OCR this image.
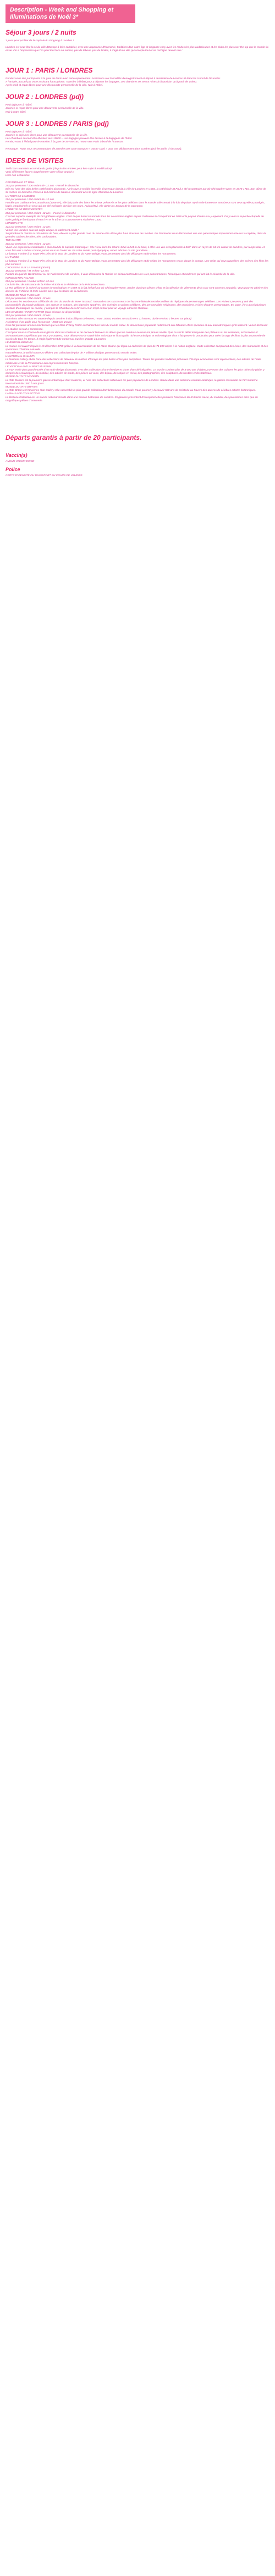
Description - Week end Shopping et
Illuminations de Noël 3*
Séjour 3 jours / 2 nuits

3 jours pour profiter de la capitale du shopping à Londres !

Londres est peut-être la seule ville d'Europe à faire cohabiter, avec une apparence d'harmonie, traditions d'un autre âge et élégance cosy avec les modes les plus audacieuses et les clubs les plus over the top que le monde lui envie. On a l'impression que l'on peut tout faire à Londres, pas de tabous, pas de limites, il s'agit d'une ville qui accepte tout et ne rechigne devant rien !

JOUR 1 : PARIS / LONDRES

Rendez-vous des participants à la gare de Paris avec notre représentant. Assistance aux formalités d'enregistrement et départ à destination de Londres St-Pancras à bord de l'Eurostar.
A l'arrivée, accueil par votre assistant francophone. Transfert à l'hôtel pour y déposer les bagages. Les chambres ne seront mises à disposition qu'à partir de 15h00.
Après-midi et repas libres pour une découverte personnelle de la ville. Nuit à l'hôtel.

JOUR 2 : LONDRES (pdj)

Petit déjeuner à l'hôtel.
Journée et repas libres pour une découverte personnelle de la ville.
Nuit à votre hôtel.

JOUR 3 : LONDRES / PARIS (pdj)

Petit déjeuner à l'hôtel.
Journée et déjeuner libres pour une découverte personnelle de la ville.
Les chambres devront être libérées vers 10h00 – Les bagages peuvent être laissés à la bagagerie de l'hôtel.
Rendez-vous à l'hôtel pour le transfert à la gare de St-Pancras, retour vers Paris à bord de l'Eurostar.

Remarque : Nous vous recommandons de prendre une carte transport « Oyster Card » pour vos déplacement dans Londres (voir les tarifs ci-dessous).

IDEES DE VISITES

Tarifs hors transferts et service du guide ( le prix des entrées peut être sujet à modification)
Voici différentes façons d'agrémenter votre séjour anglais !
Liste non exhaustive

CATHEDRALE ST PAUL
25£ par personne / 10€ enfant de -12 ans - Fermé le dimanche
Elle est l'une des plus belles cathédrales du monde. Après que le terrible incendie ait presque détruit la ville de Londres en 1666, la cathédrale St Paul a été reconstruite par Sir Christopher Wren en 1675-1710. Son dôme de 31 mètres de diamètre s'élève à 110 mètres de hauteur, dominant ainsi la ligne d'horizon de Londres.
LA TOUR DE LONDRES
29£ par personne / 12€ enfant de -12 ans
Fondée par Guillaume le Conquérant (1066-87), elle fait partie des biens les mieux préservés et les plus célèbres dans le monde. Elle servait à la fois de palais royal et de forteresse. Nombreux sont ceux qu'elle a protégés, logés, emprisonnés et ceux qui ont été exécutés derrière ses murs. Aujourd'hui, elle abrite les Joyaux de la Couronne.
L'ABBAYE DE WESTMINSTER
29£ par personne / 10€ enfant -12 ans – Fermé le dimanche
C'est un superbe exemple de l'art gothique anglais. C'est là que furent couronnés tous les souverains anglais depuis Guillaume le Conquérant en 1066 et la plupart d'entre eux y reposent. On y verra la superbe chapelle de style gothique flamboyant d'Henri VII et le trône du couronnement réalisé en 1300.
LONDON EYE
32£ par personne / 22€ enfant -12 ans
Venez voir Londres sous un angle unique et totalement inédit !
Surplombant la Tamise à 135 mètres de haut, elle est la plus grande roue du monde et le 4ème plus haut structure de Londres. En 30 minutes vous découvrirez une vue panoramique impressionnante sur la capitale, dans de grandes cabines fermées, très confortables.
THE SHARD
30£ par personne / 25€ enfant -12 ans
Vivez une expérience inoubliable à plus haut de la capitale britannique : The View from the Shard. Situé à 244 m de haut, il offre une vue exceptionnelle à 360° dans un rayon de 64 km autour de Londres, par temps clair, et vous fera voir Londres comme jamais vous ne l'aviez vu. En cette année post-olympique, venez admirer ce site grandiose...
Le bateau s'arrête à la Tower Pier près de la Tour de Londres et du Tower Bridge, vous permettant ainsi de débarquer et de visiter les monuments.
LA TAMISE
Le bateau s'arrête à la Tower Pier près de la Tour de Londres et du Tower Bridge, vous permettant ainsi de débarquer et de visiter les monuments reçus depuis le ponton. Une visite qui vous rappellera des scènes des films les plus connus !
CROISIERE SUR LA TAMISE (30min)
15£ par personne / 9£ enfant -12 ans
Partant du quai de Westminster ou de Parlement et de Londres, il vous découvrira la Tamise en découvrant toutes les vues panoramiques, historiques et modernes qui ont fait le célébrité de la ville.
KENSINGTON PALACE
25£ par personne / Gratuit enfant -12 ans
Ce fut le lieu de naissance de la Reine Victoria et la résidence de la Princesse Diana.
Le Roi William III la acheté au Comte de Nottingham en 1689 et la fait intégré par Sir Christopher Wren. Seules plusieurs pièces d'état et la collection de vêtements de la cour sont ouvertes au public. Vous pourrez admirer des œuvres du XVIIème et XIXe siècles ainsi que les toiles de la collection.
MUSEE DE MME TUSSAUD
33£ par personne / 25£ enfant -12 ans
Découvrez les nombreuses célébrités de cire du Musée de Mme Tussaud. Tussaud et ses successeurs ont façonné littéralement des milliers de répliques de personnages célèbres. Les visiteurs peuvent y voir des personnalités du monde politique, des acteurs et actrices, des légendes sportives, des écrivains et artistes célèbres, des personnalités religieuses, des musiciens, et bien d'autres personnages. En outre, il y a aussi plusieurs sections thématiques au musée, y compris la Chambre des Horreurs et un trajet en taxi pour un voyage à travers l'histoire.
LES STUDIOS HARRY POTTER (sous réserve de disponibilité)
95£ par personne / 80€ enfant -12 ans
Transferts aller et retour en navette depuis Londres inclus (départ 09 heures, retour 14h30, entrées au studio vers 11 heures, durée environ 2 heures sur place)
Assistance d'un guide pour l'excursion - 260€ par groupe
Cela fait plusieurs années maintenant que les films d'Harry Potter enchantent les fans du monde entier. Ils doivent leur popularité notamment aux fabuleux effets spéciaux et aux animatroniques qu'ils utilisent. Venez découvrir les studios où tout a commencé.
C'est pour vous la chance de vous glisser dans les coulisses et de découvrir l'univers du décor que les caméras ne vous ont jamais révélé. Que ce soit le détail incroyable des plateaux ou les costumes, accessoires et animatroniques stupéfiants que vous y trouverez, vous découvrirez le savoir-faire technique et l'incroyable richesse artistique et technologique dont a fait preuve la production pour créer la saga de films la plus couronnée de succès de tous les temps. Il s'agit également de nombreux musées gratuits à Londres.
LE BRITISH MUSEUM
Le musée est ouvert depuis le 15 décembre 1759 grâce à la détermination de Sir Hans Sloane qui légua sa collection de plus de 71 000 objets à la nation anglaise. Cette collection comprenait des livres, des manuscrits et des spécimens d'histoire naturelle.
Naturellement, le British Museum détient une collection de plus de 7 millions d'objets provenant du monde entier.
LA NATIONAL GALLERY
La National Gallery abrite l'une des collections de tableaux de maîtres d'Europe les plus belles et les plus complètes. Toutes les grandes traditions picturales d'Europe occidentale sont représentées, des artistes de l'Italie médiévale et de la Renaissance aux impressionnistes français.
LE VICTORIA AND ALBERT MUSEUM
Le V&A est le plus grand musée d'art et de design du monde, avec des collections d'une étendue et d'une diversité inégalées. Le musée contient plus de 3 000 ans d'objets provenant des cultures les plus riches du globe, y compris des céramiques, du mobilier, des articles de mode, des pièces en verre, des bijoux, des objets en métal, des photographies, des sculptures, des textiles et des tableaux.
MUSEE DU TATE MODERN
La Tate Modern est la première galerie britannique d'art moderne, et l'une des collections nationales les plus populaires de Londres. Située dans une ancienne centrale électrique, la galerie rassemble de l'art moderne international de 1900 à nos jours.
MUSEE DU TATE BRITAIN
La Tate Britain est l'ancienne Tate Gallery. Elle rassemble la plus grande collection d'art britannique du monde. Vous pourrez y découvrir 500 ans de créativité au travers des œuvres de célèbres artistes britanniques.
LA WALLACE COLLECTION
La Wallace Collection est un musée national installé dans une maison historique de Londres. 25 galeries présentent d'exceptionnelles peintures françaises du XVIIIème siècle, du mobilier, des porcelaines ainsi que de magnifiques pièces d'armurerie.

Départs garantis à partir de 20 participants.
Vaccin(s)

AUCUN VACCIN EXIGE

Police

CARTE D'IDENTITE OU PASSEPORT EN COURS DE VALIDITE.
